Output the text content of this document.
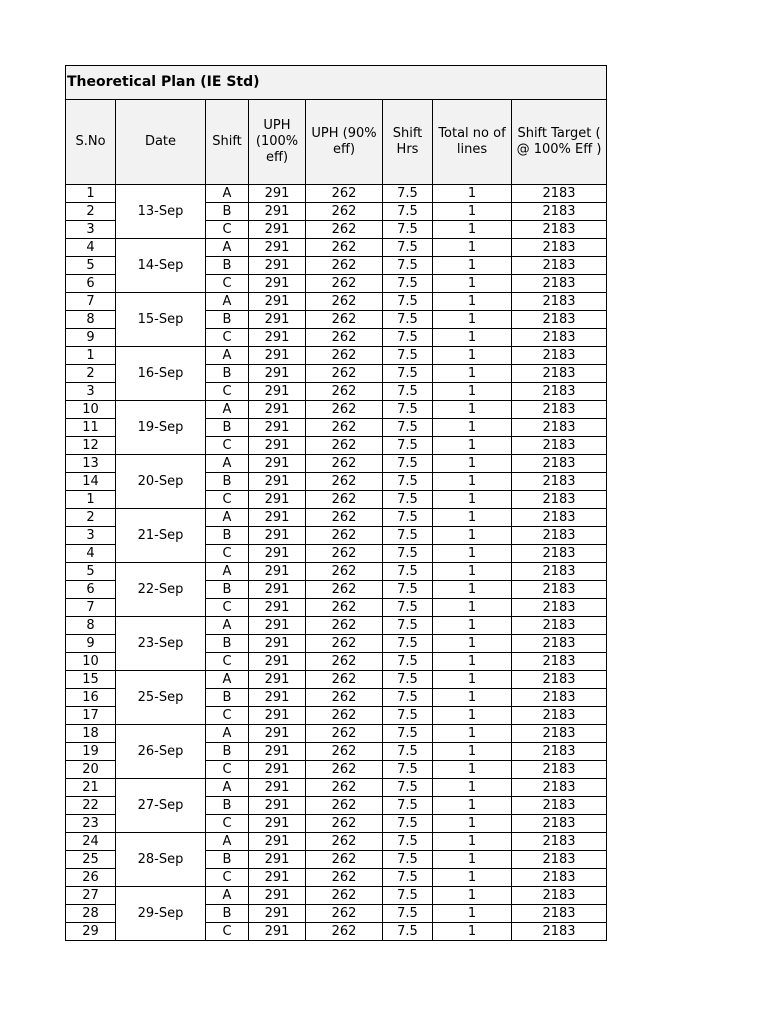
Theoretical Plan (IE Std)							
S.No	Date	Shift	UPH (100% eff)	UPH (90% eff)	Shift Hrs	Total no of lines	Shift Target ( @ 100% Eff )
1	13-Sep	A	291	262	7.5	1	2183
2		B	291	262	7.5	1	2183
3		C	291	262	7.5	1	2183
4	14-Sep	A	291	262	7.5	1	2183
5		B	291	262	7.5	1	2183
6		C	291	262	7.5	1	2183
7	15-Sep	A	291	262	7.5	1	2183
8		B	291	262	7.5	1	2183
9		C	291	262	7.5	1	2183
1	16-Sep	A	291	262	7.5	1	2183
2		B	291	262	7.5	1	2183
3		C	291	262	7.5	1	2183
10	19-Sep	A	291	262	7.5	1	2183
11		B	291	262	7.5	1	2183
12		C	291	262	7.5	1	2183
13	20-Sep	A	291	262	7.5	1	2183
14		B	291	262	7.5	1	2183
1		C	291	262	7.5	1	2183
2	21-Sep	A	291	262	7.5	1	2183
3		B	291	262	7.5	1	2183
4		C	291	262	7.5	1	2183
5	22-Sep	A	291	262	7.5	1	2183
6		B	291	262	7.5	1	2183
7		C	291	262	7.5	1	2183
8	23-Sep	A	291	262	7.5	1	2183
9		B	291	262	7.5	1	2183
10		C	291	262	7.5	1	2183
15	25-Sep	A	291	262	7.5	1	2183
16		B	291	262	7.5	1	2183
17		C	291	262	7.5	1	2183
18	26-Sep	A	291	262	7.5	1	2183
19		B	291	262	7.5	1	2183
20		C	291	262	7.5	1	2183
21	27-Sep	A	291	262	7.5	1	2183
22		B	291	262	7.5	1	2183
23		C	291	262	7.5	1	2183
24	28-Sep	A	291	262	7.5	1	2183
25		B	291	262	7.5	1	2183
26		C	291	262	7.5	1	2183
27	29-Sep	A	291	262	7.5	1	2183
28		B	291	262	7.5	1	2183
29		C	291	262	7.5	1	2183
